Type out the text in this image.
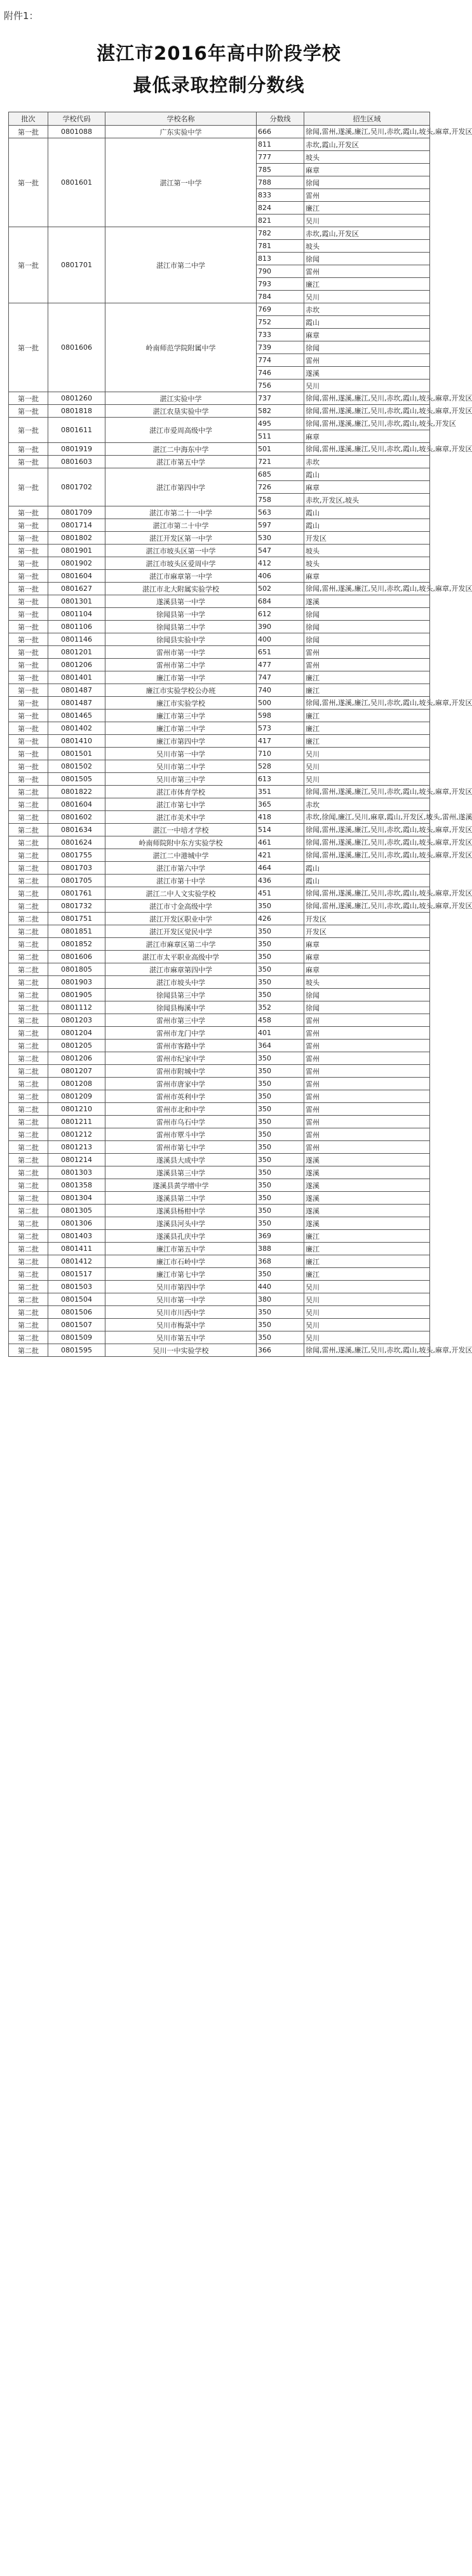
附件1：
湛江市2016年高中阶段学校
最低录取控制分数线
批次	学校代码	学校名称	分数线	招生区域
第一批	0801088	广东实验中学	666	徐闻,雷州,遂溪,廉江,吴川,赤坎,霞山,坡头,麻章,开发区
第一批	0801601	湛江第一中学	811	赤坎,霞山,开发区
			777	坡头
			785	麻章
			788	徐闻
			833	雷州
			824	廉江
			821	吴川
第一批	0801701	湛江市第二中学	782	赤坎,霞山,开发区
			781	坡头
			813	徐闻
			790	雷州
			793	廉江
			784	吴川
第一批	0801606	岭南师范学院附属中学	769	赤坎
			752	霞山
			733	麻章
			739	徐闻
			774	雷州
			746	遂溪
			756	吴川
第一批	0801260	湛江实验中学	737	徐闻,雷州,遂溪,廉江,吴川,赤坎,霞山,坡头,麻章,开发区
第一批	0801818	湛江农垦实验中学	582	徐闻,雷州,遂溪,廉江,吴川,赤坎,霞山,坡头,麻章,开发区
第一批	0801611	湛江市爱周高级中学	495	徐闻,雷州,遂溪,廉江,吴川,赤坎,霞山,坡头,开发区
			511	麻章
第一批	0801919	湛江二中海东中学	501	徐闻,雷州,遂溪,廉江,吴川,赤坎,霞山,坡头,麻章,开发区
第一批	0801603	湛江市第五中学	721	赤坎
第一批	0801702	湛江市第四中学	685	霞山
			726	麻章
			758	赤坎,开发区,坡头
第一批	0801709	湛江市第二十一中学	563	霞山
第一批	0801714	湛江市第二十中学	597	霞山
第一批	0801802	湛江开发区第一中学	530	开发区
第一批	0801901	湛江市坡头区第一中学	547	坡头
第一批	0801902	湛江市坡头区爱周中学	412	坡头
第一批	0801604	湛江市麻章第一中学	406	麻章
第一批	0801627	湛江市北大附属实验学校	502	徐闻,雷州,遂溪,廉江,吴川,赤坎,霞山,坡头,麻章,开发区
第一批	0801301	遂溪县第一中学	684	遂溪
第一批	0801104	徐闻县第一中学	612	徐闻
第一批	0801106	徐闻县第二中学	390	徐闻
第一批	0801146	徐闻县实验中学	400	徐闻
第一批	0801201	雷州市第一中学	651	雷州
第一批	0801206	雷州市第二中学	477	雷州
第一批	0801401	廉江市第一中学	747	廉江
第一批	0801487	廉江市实验学校公办班	740	廉江
第一批	0801487	廉江市实验学校	500	徐闻,雷州,遂溪,廉江,吴川,赤坎,霞山,坡头,麻章,开发区
第一批	0801465	廉江市第三中学	598	廉江
第一批	0801402	廉江市第二中学	573	廉江
第一批	0801410	廉江市第四中学	417	廉江
第一批	0801501	吴川市第一中学	710	吴川
第一批	0801502	吴川市第二中学	528	吴川
第一批	0801505	吴川市第三中学	613	吴川
第二批	0801822	湛江市体育学校	351	徐闻,雷州,遂溪,廉江,吴川,赤坎,霞山,坡头,麻章,开发区
第二批	0801604	湛江市第七中学	365	赤坎
第二批	0801602	湛江市美术中学	418	赤坎,徐闻,廉江,吴川,麻章,霞山,开发区,坡头,雷州,遂溪
第二批	0801634	湛江一中培才学校	514	徐闻,雷州,遂溪,廉江,吴川,赤坎,霞山,坡头,麻章,开发区
第二批	0801624	岭南师院附中东方实验学校	461	徐闻,雷州,遂溪,廉江,吴川,赤坎,霞山,坡头,麻章,开发区
第二批	0801755	湛江二中港城中学	421	徐闻,雷州,遂溪,廉江,吴川,赤坎,霞山,坡头,麻章,开发区
第二批	0801703	湛江市第六中学	464	霞山
第二批	0801705	湛江市第十中学	436	霞山
第二批	0801761	湛江二中人文实验学校	451	徐闻,雷州,遂溪,廉江,吴川,赤坎,霞山,坡头,麻章,开发区
第二批	0801732	湛江市寸金高级中学	350	徐闻,雷州,遂溪,廉江,吴川,赤坎,霞山,坡头,麻章,开发区
第二批	0801751	湛江开发区职业中学	426	开发区
第二批	0801851	湛江开发区觉民中学	350	开发区
第二批	0801852	湛江市麻章区第二中学	350	麻章
第二批	0801606	湛江市太平职业高级中学	350	麻章
第二批	0801805	湛江市麻章第四中学	350	麻章
第二批	0801903	湛江市坡头中学	350	坡头
第二批	0801905	徐闻县第三中学	350	徐闻
第二批	0801112	徐闻县梅溪中学	352	徐闻
第二批	0801203	雷州市第三中学	458	雷州
第二批	0801204	雷州市龙门中学	401	雷州
第二批	0801205	雷州市客路中学	364	雷州
第二批	0801206	雷州市纪家中学	350	雷州
第二批	0801207	雷州市附城中学	350	雷州
第二批	0801208	雷州市唐家中学	350	雷州
第二批	0801209	雷州市英利中学	350	雷州
第二批	0801210	雷州市北和中学	350	雷州
第二批	0801211	雷州市乌石中学	350	雷州
第二批	0801212	雷州市覃斗中学	350	雷州
第二批	0801213	雷州市第七中学	350	雷州
第二批	0801214	遂溪县大成中学	350	遂溪
第二批	0801303	遂溪县第三中学	350	遂溪
第二批	0801358	遂溪县黄学增中学	350	遂溪
第二批	0801304	遂溪县第二中学	350	遂溪
第二批	0801305	遂溪县杨柑中学	350	遂溪
第二批	0801306	遂溪县河头中学	350	遂溪
第二批	0801403	遂溪县孔庆中学	369	廉江
第二批	0801411	廉江市第五中学	388	廉江
第二批	0801412	廉江市石岭中学	368	廉江
第二批	0801517	廉江市第七中学	350	廉江
第二批	0801503	吴川市第四中学	440	吴川
第二批	0801504	吴川市第一中学	380	吴川
第二批	0801506	吴川市川西中学	350	吴川
第二批	0801507	吴川市梅菉中学	350	吴川
第二批	0801509	吴川市第五中学	350	吴川
第二批	0801595	吴川一中实验学校	366	徐闻,雷州,遂溪,廉江,吴川,赤坎,霞山,坡头,麻章,开发区
